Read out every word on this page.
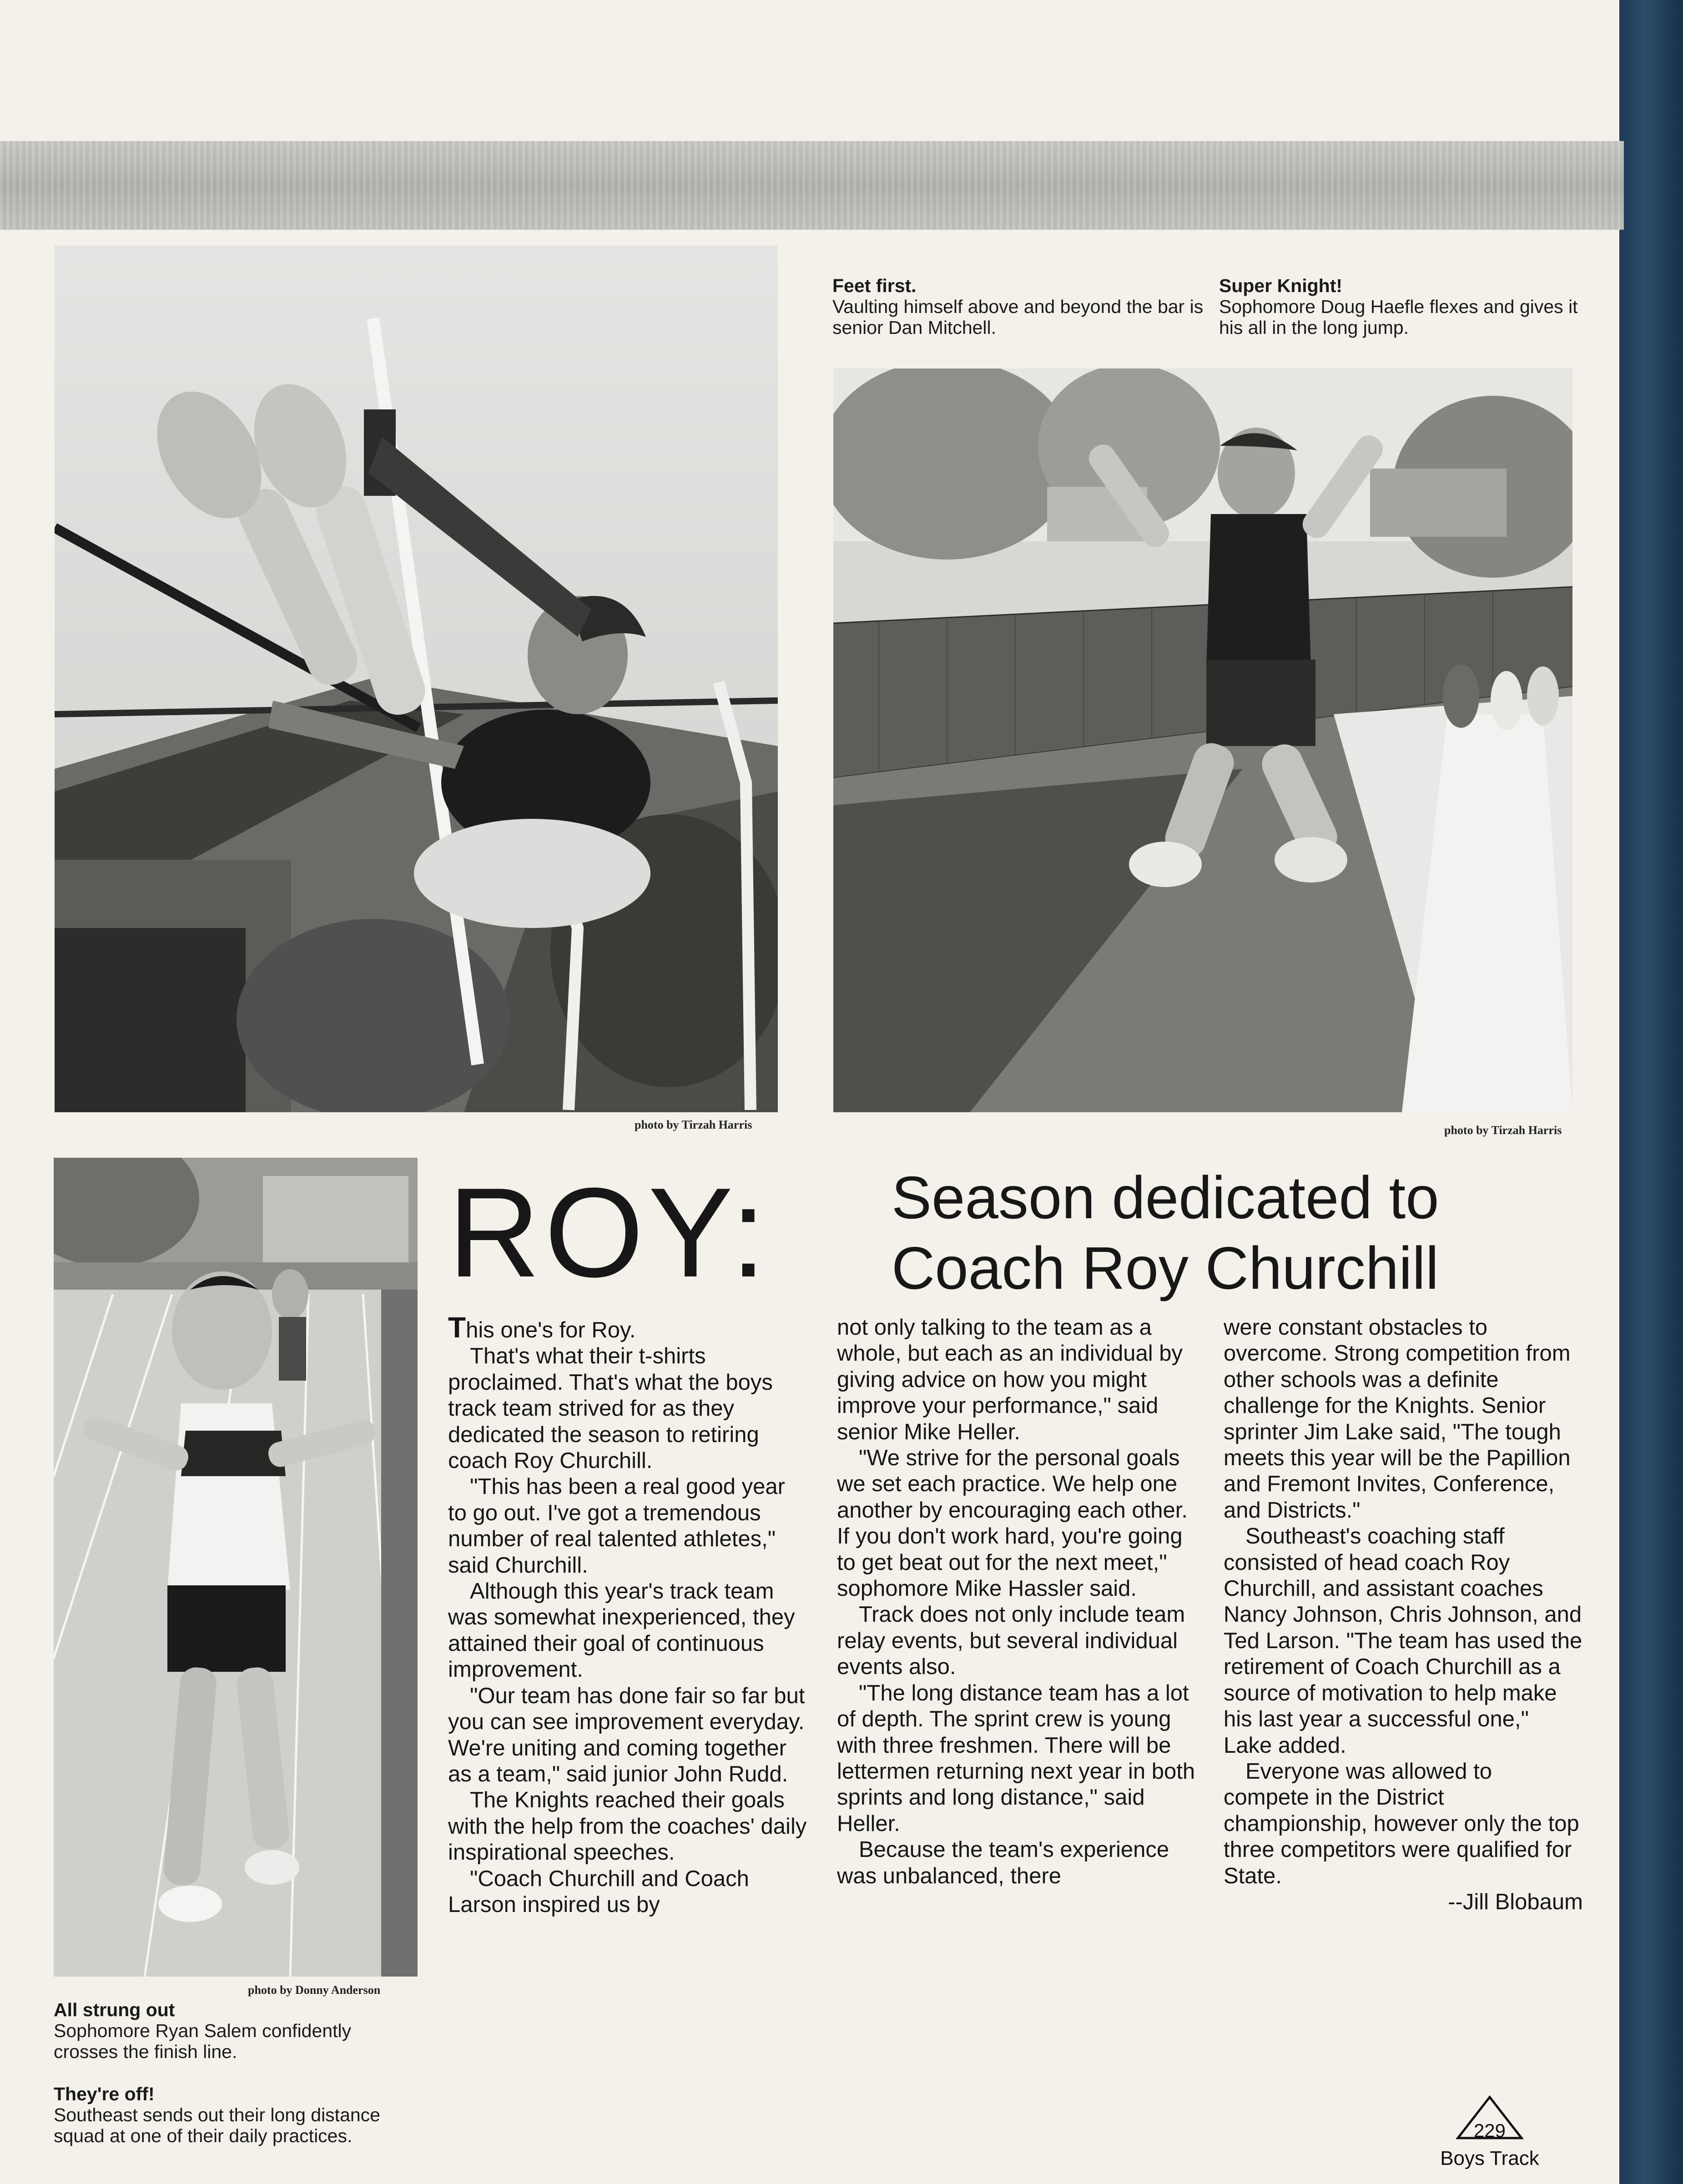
photo by Tirzah Harris
Feet first.
Vaulting himself above and beyond the bar is senior Dan Mitchell.
Super Knight!
Sophomore Doug Haefle flexes and gives it his all in the long jump.
photo by Tirzah Harris
photo by Donny Anderson
All strung out
Sophomore Ryan Salem confidently crosses the finish line.
They're off!
Southeast sends out their long distance squad at one of their daily practices.
ROY:	Season dedicated to
Coach Roy Churchill

This one's for Roy.

That's what their t-shirts proclaimed. That's what the boys track team strived for as they dedicated the season to retiring coach Roy Churchill.

"This has been a real good year to go out. I've got a tremendous number of real talented athletes," said Churchill.

Although this year's track team was somewhat inexperienced, they attained their goal of continuous improvement.

"Our team has done fair so far but you can see improvement everyday. We're uniting and coming together as a team," said junior John Rudd.

The Knights reached their goals with the help from the coaches' daily inspirational speeches.

"Coach Churchill and Coach Larson inspired us by

not only talking to the team as a whole, but each as an individual by giving advice on how you might improve your performance," said senior Mike Heller.

"We strive for the personal goals we set each practice. We help one another by encouraging each other. If you don't work hard, you're going to get beat out for the next meet," sophomore Mike Hassler said.

Track does not only include team relay events, but several individual events also.

"The long distance team has a lot of depth. The sprint crew is young with three freshmen. There will be lettermen returning next year in both sprints and long distance," said Heller.

Because the team's experience was unbalanced, there

were constant obstacles to overcome. Strong competition from other schools was a definite challenge for the Knights. Senior sprinter Jim Lake said, "The tough meets this year will be the Papillion and Fremont Invites, Conference, and Districts."

Southeast's coaching staff consisted of head coach Roy Churchill, and assistant coaches Nancy Johnson, Chris Johnson, and Ted Larson. "The team has used the retirement of Coach Churchill as a source of motivation to help make his last year a successful one," Lake added.

Everyone was allowed to compete in the District championship, however only the top three competitors were qualified for State.

--Jill Blobaum

229
Boys Track
